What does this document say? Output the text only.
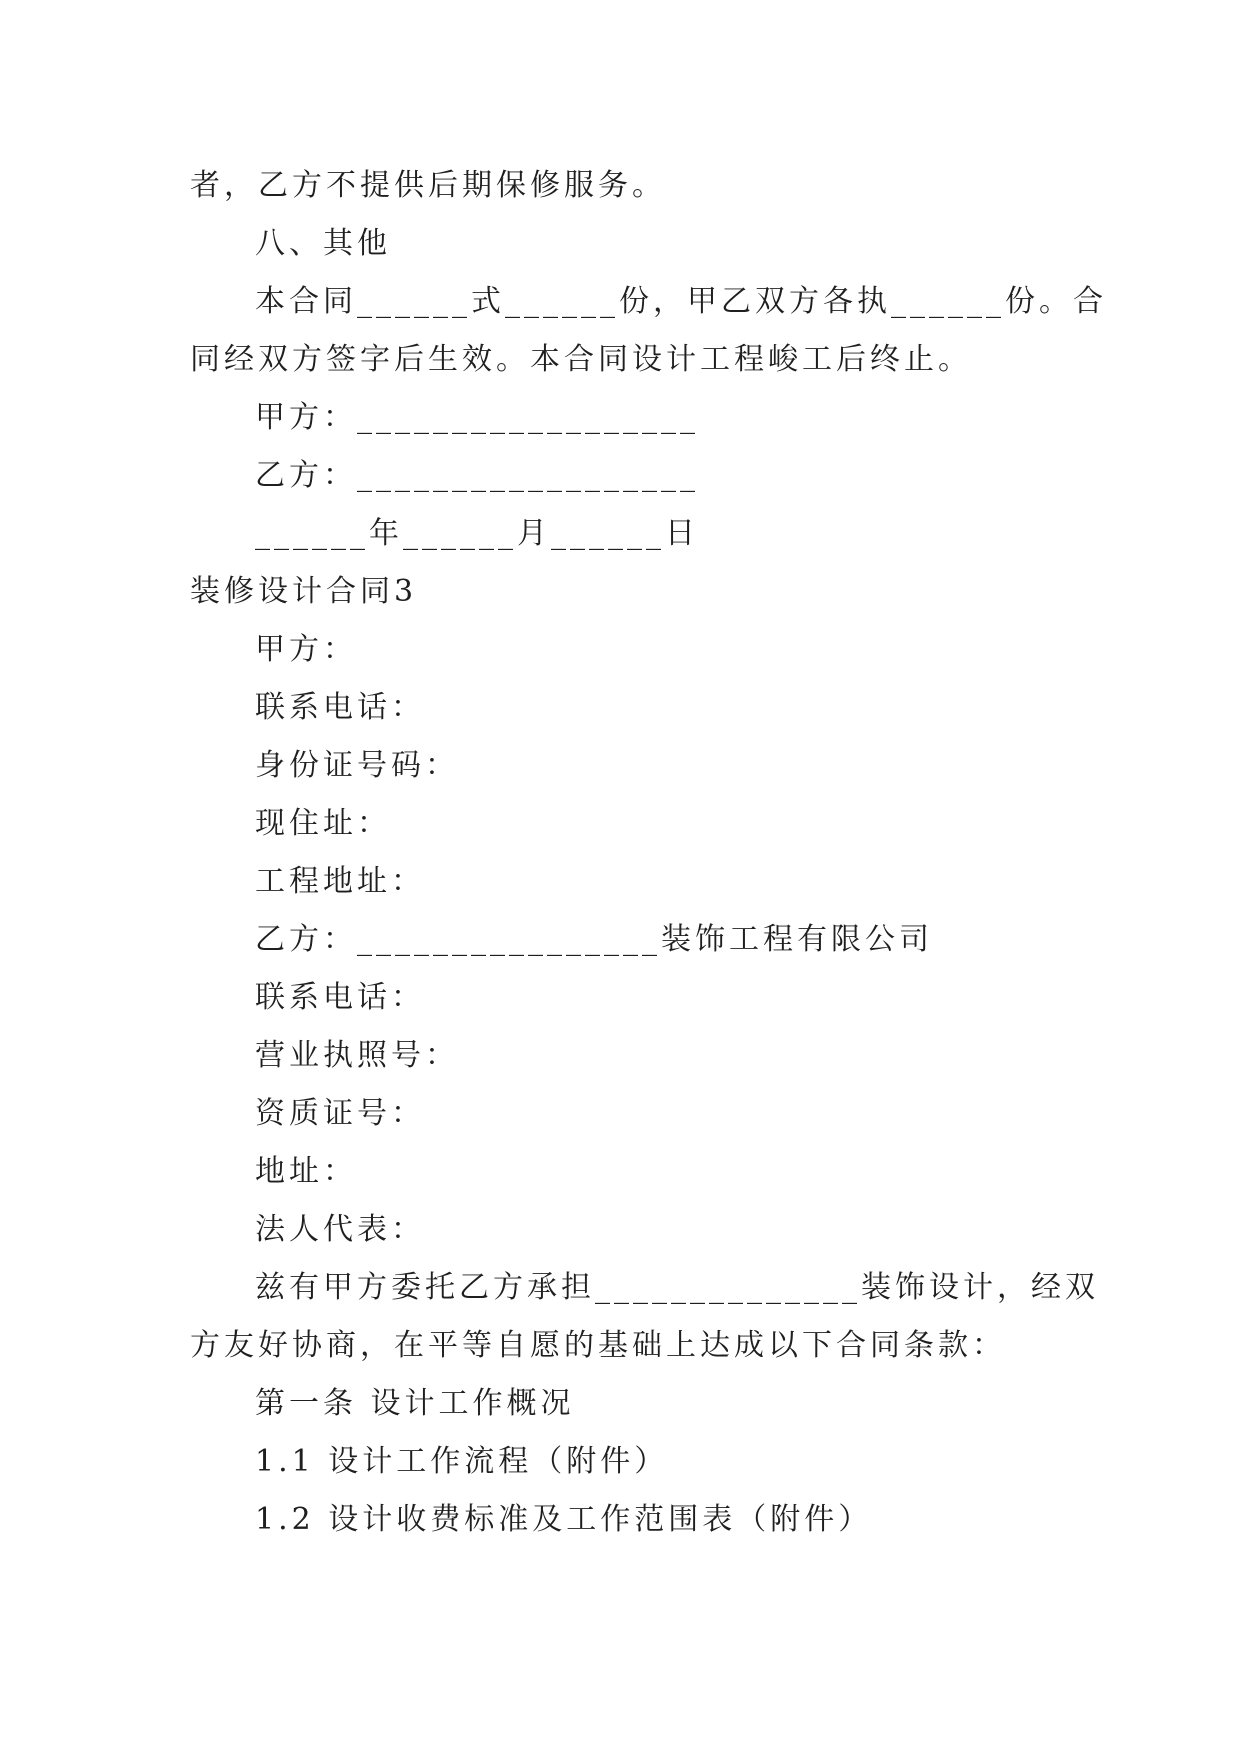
者，乙方不提供后期保修服务。
八、其他
本合同______式______份，甲乙双方各执______份。合
同经双方签字后生效。本合同设计工程峻工后终止。
甲方：__________________
乙方：__________________
______年______月______日
装修设计合同3
甲方：
联系电话：
身份证号码：
现住址：
工程地址：
乙方：________________装饰工程有限公司
联系电话：
营业执照号：
资质证号：
地址：
法人代表：
兹有甲方委托乙方承担______________装饰设计，经双
方友好协商，在平等自愿的基础上达成以下合同条款：
第一条 设计工作概况
1.1 设计工作流程（附件）
1.2 设计收费标准及工作范围表（附件）
